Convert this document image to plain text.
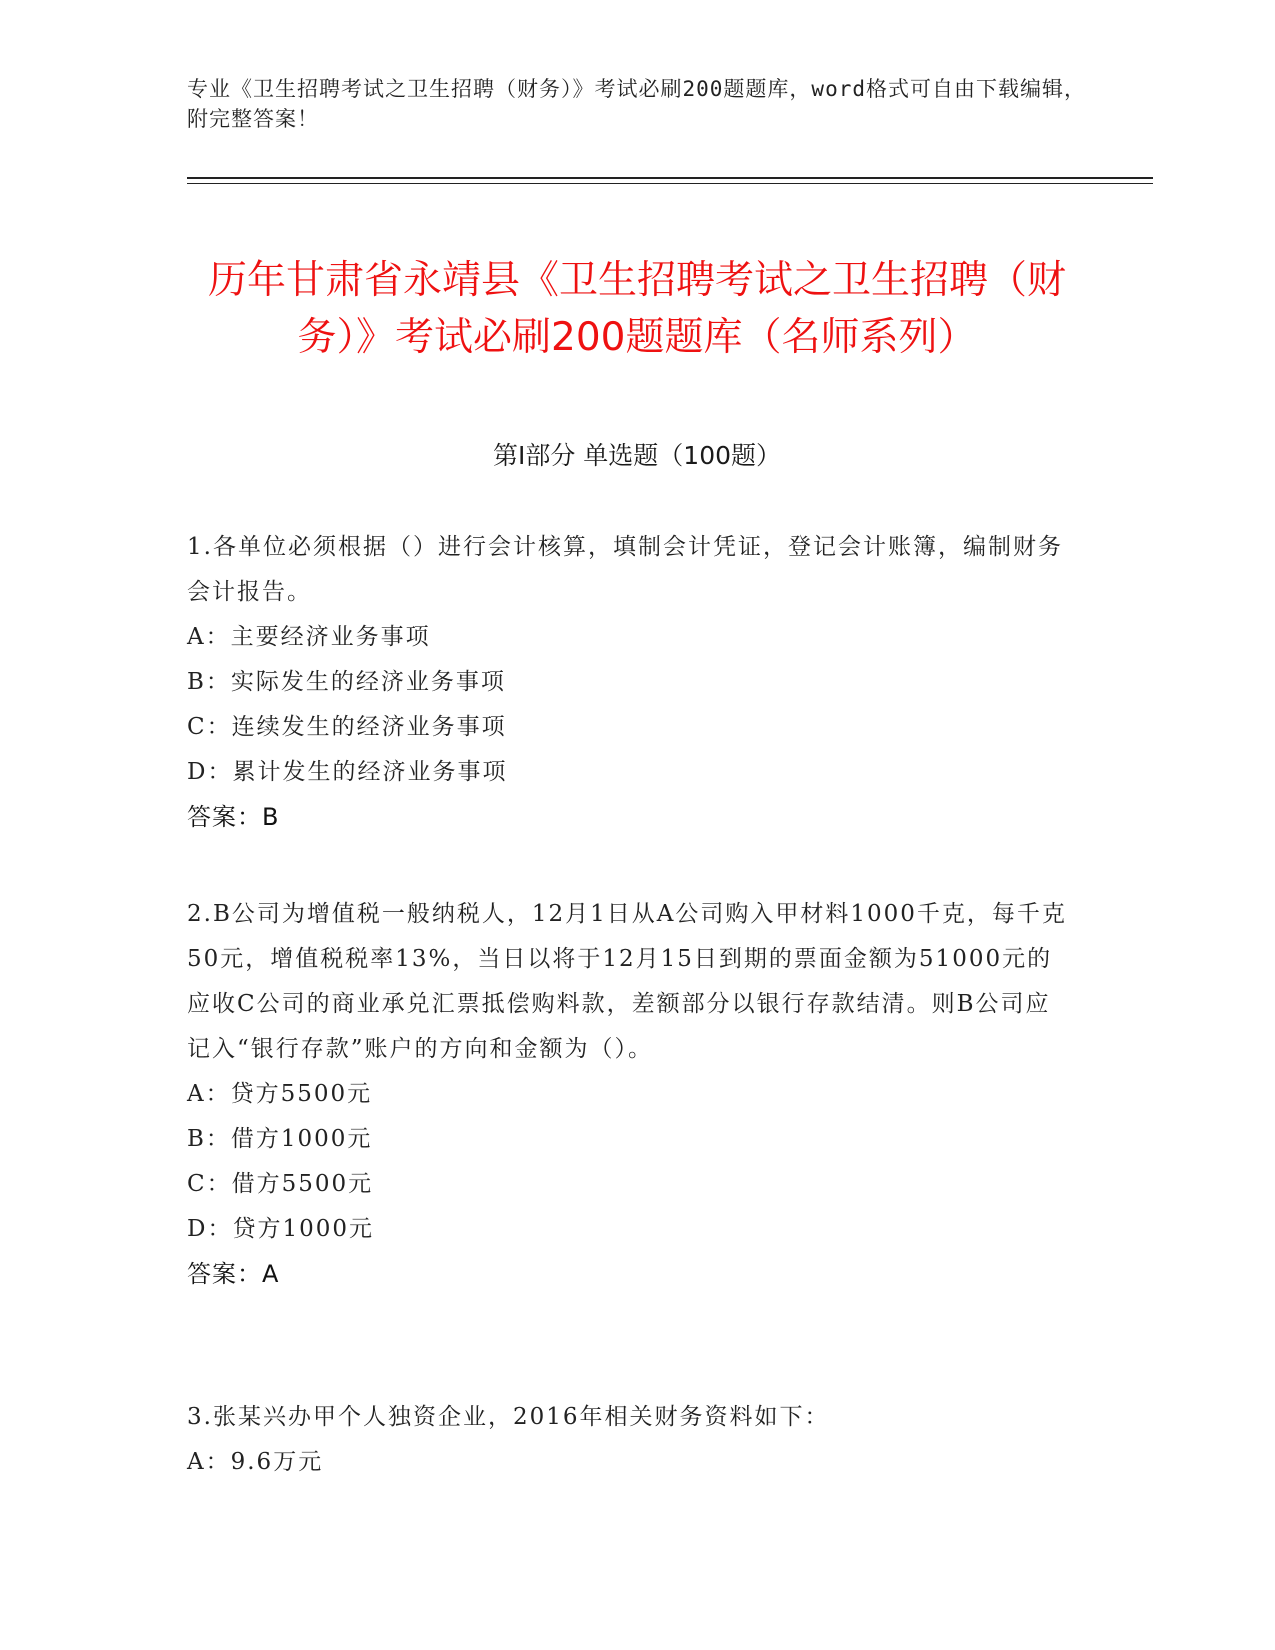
专业《卫生招聘考试之卫生招聘（财务）》考试必刷200题题库，word格式可自由下载编辑，附完整答案！
历年甘肃省永靖县《卫生招聘考试之卫生招聘（财务）》考试必刷200题题库（名师系列）
第I部分 单选题（100题）
1.各单位必须根据（）进行会计核算，填制会计凭证，登记会计账簿，编制财务会计报告。
A：主要经济业务事项
B：实际发生的经济业务事项
C：连续发生的经济业务事项
D：累计发生的经济业务事项
答案：B
2.B公司为增值税一般纳税人，12月1日从A公司购入甲材料1000千克，每千克50元，增值税税率13%，当日以将于12月15日到期的票面金额为51000元的应收C公司的商业承兑汇票抵偿购料款，差额部分以银行存款结清。则B公司应记入“银行存款”账户的方向和金额为（）。
A：贷方5500元
B：借方1000元
C：借方5500元
D：贷方1000元
答案：A
3.张某兴办甲个人独资企业，2016年相关财务资料如下：
A：9.6万元
